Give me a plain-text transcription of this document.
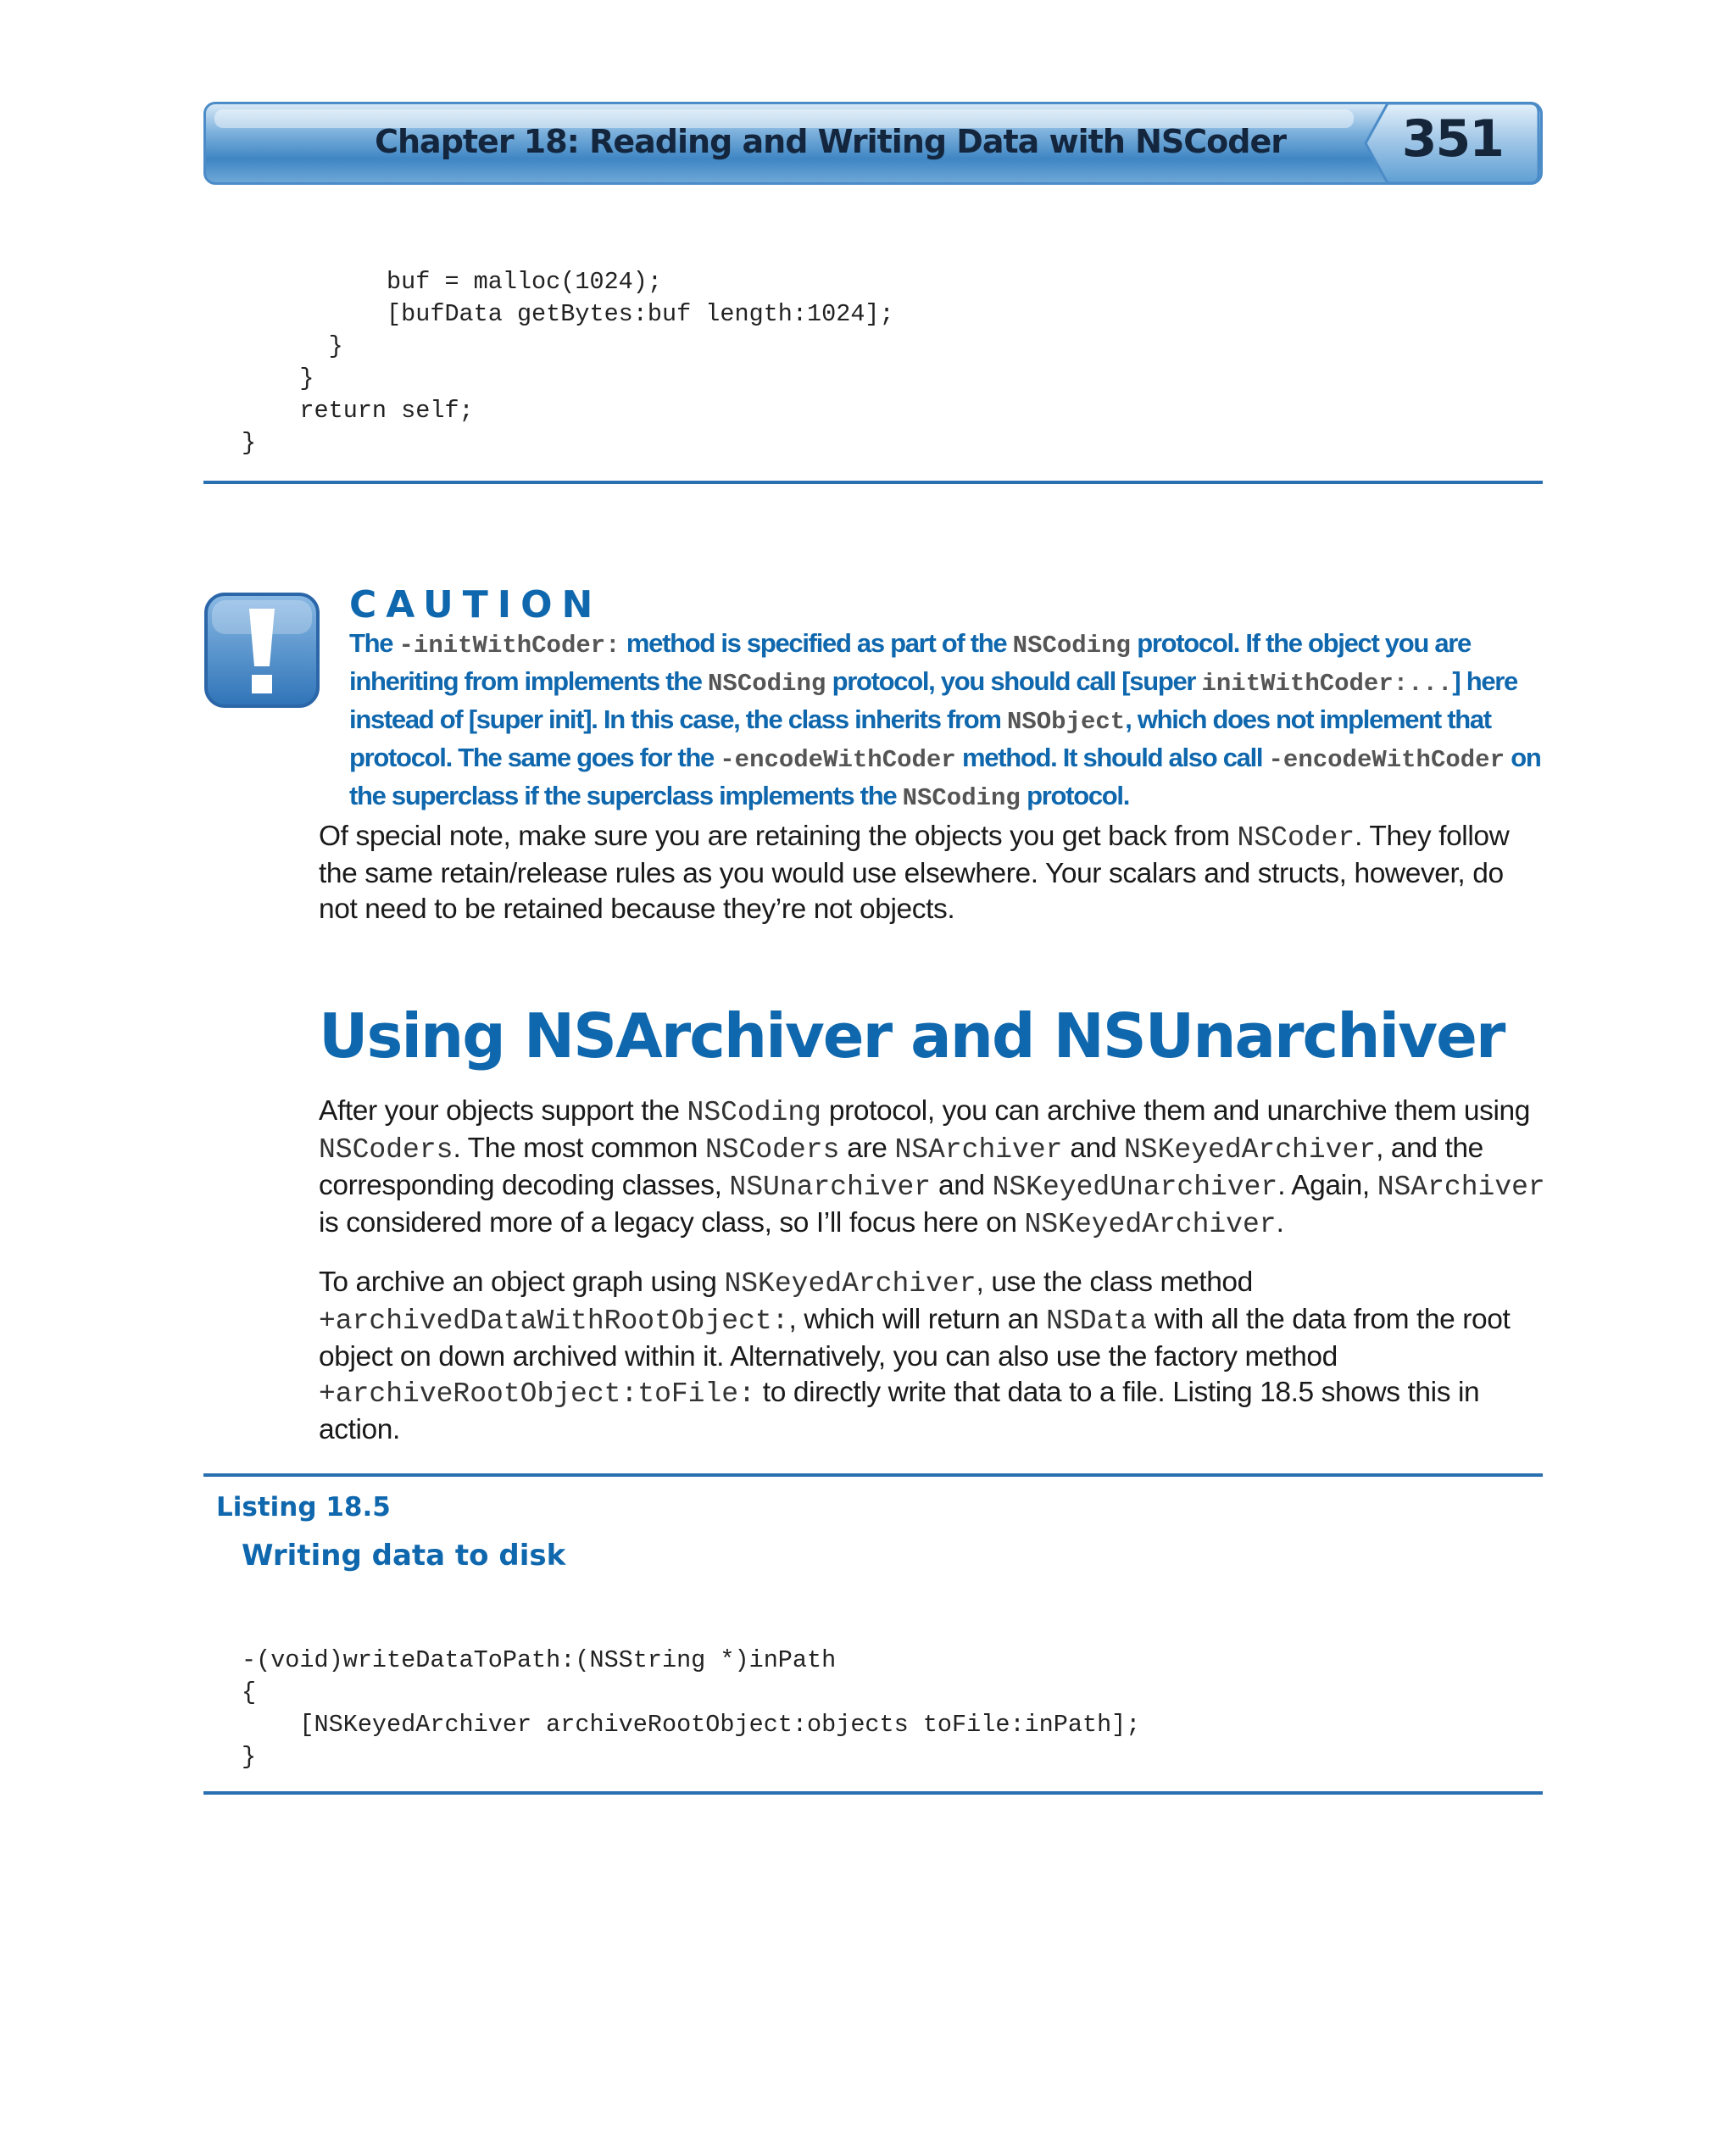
Chapter 18: Reading and Writing Data with NSCoder 351
buf = malloc(1024);
[bufData getBytes:buf length:1024];
}
}
return self;
}
CAUTION
The -initWithCoder: method is specified as part of the NSCoding protocol. If the object you are inheriting from implements the NSCoding protocol, you should call [super initWithCoder:...] here instead of [super init]. In this case, the class inherits from NSObject, which does not implement that protocol. The same goes for the -encodeWithCoder method. It should also call -encodeWithCoder on the superclass if the superclass implements the NSCoding protocol.
Of special note, make sure you are retaining the objects you get back from NSCoder. They follow the same retain/release rules as you would use elsewhere. Your scalars and structs, however, do not need to be retained because they’re not objects.
Using NSArchiver and NSUnarchiver
After your objects support the NSCoding protocol, you can archive them and unarchive them using NSCoders. The most common NSCoders are NSArchiver and NSKeyedArchiver, and the corresponding decoding classes, NSUnarchiver and NSKeyedUnarchiver. Again, NSArchiver is considered more of a legacy class, so I’ll focus here on NSKeyedArchiver.
To archive an object graph using NSKeyedArchiver, use the class method +archivedDataWithRootObject:, which will return an NSData with all the data from the root object on down archived within it. Alternatively, you can also use the factory method +archiveRootObject:toFile: to directly write that data to a file. Listing 18.5 shows this in action.
Listing 18.5
Writing data to disk
-(void)writeDataToPath:(NSString *)inPath
{
[NSKeyedArchiver archiveRootObject:objects toFile:inPath];
}
